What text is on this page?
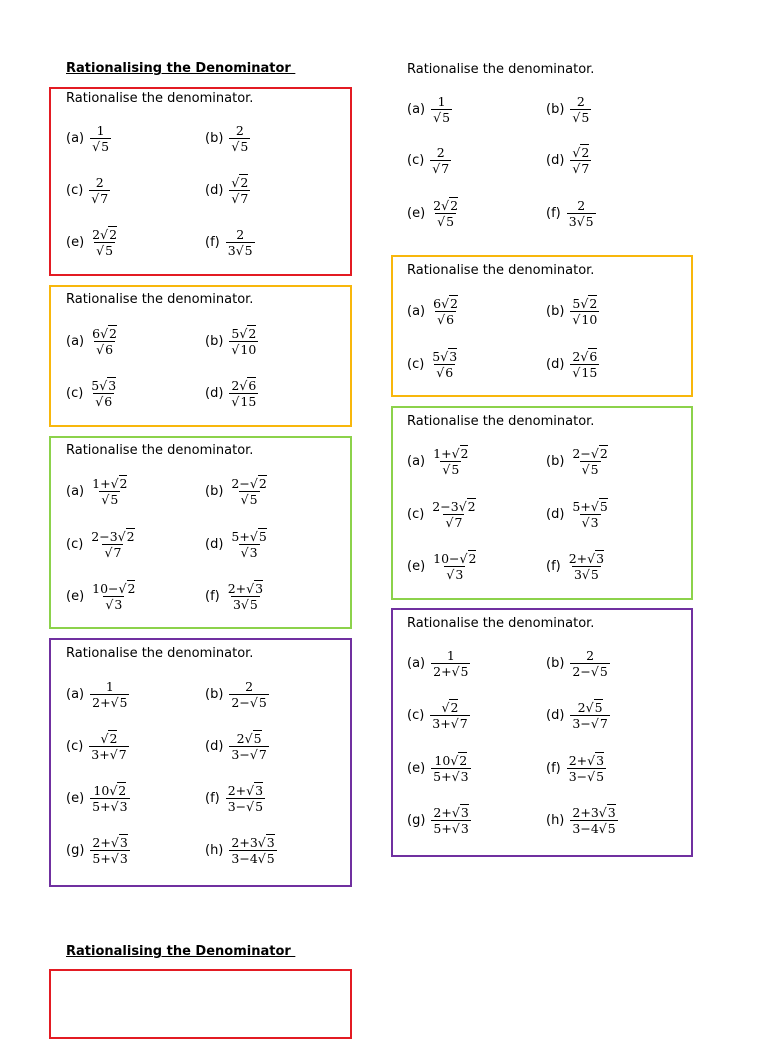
Rationalising the Denominator
Rationalising the Denominator
Rationalise the denominator.
$(a) \frac{1}{√5}$	$(b) \frac{2}{√5}$
$(c) \frac{2}{√7}$	$(d) \frac{√2}{√7}$
$(e) \frac{2√2}{√5}$	$(f) \frac{2}{3√5}$
Rationalise the denominator.
$(a) \frac{6√2}{√6}$	$(b) \frac{5√2}{√10}$
$(c) \frac{5√3}{√6}$	$(d) \frac{2√6}{√15}$
Rationalise the denominator.
$(a) \frac{1+√2}{√5}$	$(b) \frac{2-√2}{√5}$
$(c) \frac{2-3√2}{√7}$	$(d) \frac{5+√5}{√3}$
$(e) \frac{10-√2}{√3}$	$(f) \frac{2+√3}{3√5}$
Rationalise the denominator.
$(a) \frac{1}{2+√5}$	$(b) \frac{2}{2-√5}$
$(c) \frac{√2}{3+√7}$	$(d) \frac{2√5}{3-√7}$
$(e) \frac{10√2}{5+√3}$	$(f) \frac{2+√3}{3-√5}$
$(g) \frac{2+√3}{5+√3}$	$(h) \frac{2+3√3}{3-4√5}$
Rationalise the denominator.
$(a) \frac{1}{√5}$	$(b) \frac{2}{√5}$
$(c) \frac{2}{√7}$	$(d) \frac{√2}{√7}$
$(e) \frac{2√2}{√5}$	$(f) \frac{2}{3√5}$
Rationalise the denominator.
$(a) \frac{6√2}{√6}$	$(b) \frac{5√2}{√10}$
$(c) \frac{5√3}{√6}$	$(d) \frac{2√6}{√15}$
Rationalise the denominator.
$(a) \frac{1+√2}{√5}$	$(b) \frac{2-√2}{√5}$
$(c) \frac{2-3√2}{√7}$	$(d) \frac{5+√5}{√3}$
$(e) \frac{10-√2}{√3}$	$(f) \frac{2+√3}{3√5}$
Rationalise the denominator.
$(a) \frac{1}{2+√5}$	$(b) \frac{2}{2-√5}$
$(c) \frac{√2}{3+√7}$	$(d) \frac{2√5}{3-√7}$
$(e) \frac{10√2}{5+√3}$	$(f) \frac{2+√3}{3-√5}$
$(g) \frac{2+√3}{5+√3}$	$(h) \frac{2+3√3}{3-4√5}$
